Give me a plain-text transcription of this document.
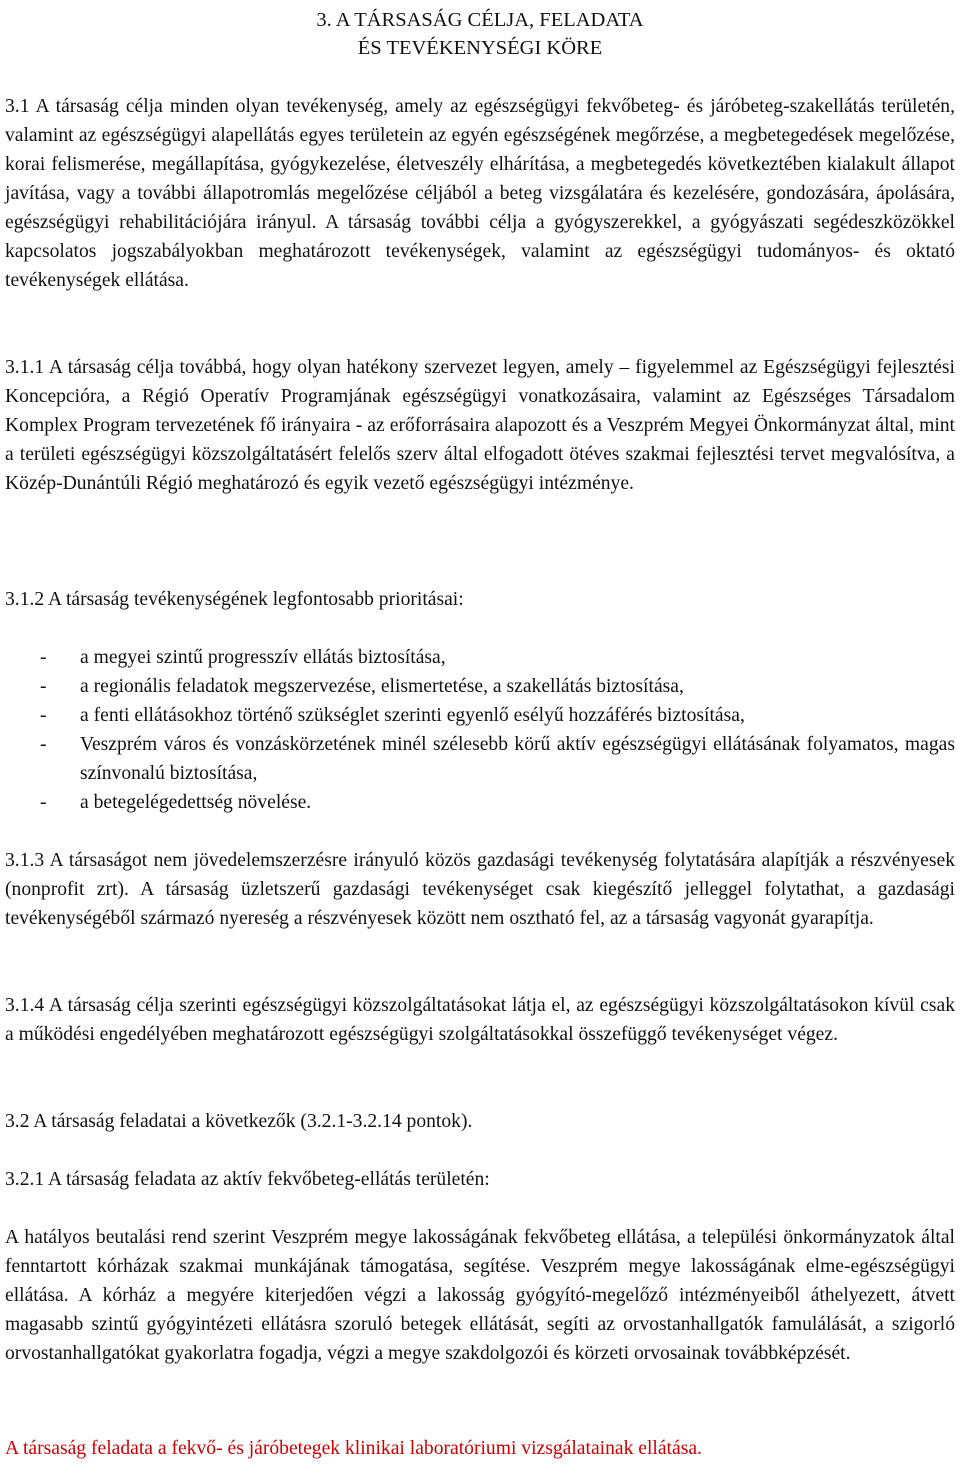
3. A TÁRSASÁG CÉLJA, FELADATA
ÉS TEVÉKENYSÉGI KÖRE
3.1 A társaság célja minden olyan tevékenység, amely az egészségügyi fekvőbeteg- és járóbeteg-szakellátás területén, valamint az egészségügyi alapellátás egyes területein az egyén egészségének megőrzése, a megbetegedések megelőzése, korai felismerése, megállapítása, gyógykezelése, életveszély elhárítása, a megbetegedés következtében kialakult állapot javítása, vagy a további állapotromlás megelőzése céljából a beteg vizsgálatára és kezelésére, gondozására, ápolására, egészségügyi rehabilitációjára irányul. A társaság további célja a gyógyszerekkel, a gyógyászati segédeszközökkel kapcsolatos jogszabályokban meghatározott tevékenységek, valamint az egészségügyi tudományos- és oktató tevékenységek ellátása.
3.1.1 A társaság célja továbbá, hogy olyan hatékony szervezet legyen, amely – figyelemmel az Egészségügyi fejlesztési Koncepcióra, a Régió Operatív Programjának egészségügyi vonatkozásaira, valamint az Egészséges Társadalom Komplex Program tervezetének fő irányaira - az erőforrásaira alapozott és a Veszprém Megyei Önkormányzat által, mint a területi egészségügyi közszolgáltatásért felelős szerv által elfogadott ötéves szakmai fejlesztési tervet megvalósítva, a Közép-Dunántúli Régió meghatározó és egyik vezető egészségügyi intézménye.
3.1.2 A társaság tevékenységének legfontosabb prioritásai:
- a megyei szintű progresszív ellátás biztosítása,
- a regionális feladatok megszervezése, elismertetése, a szakellátás biztosítása,
- a fenti ellátásokhoz történő szükséglet szerinti egyenlő esélyű hozzáférés biztosítása,
- Veszprém város és vonzáskörzetének minél szélesebb körű aktív egészségügyi ellátásának folyamatos, magas színvonalú biztosítása,
- a betegelégedettség növelése.
3.1.3 A társaságot nem jövedelemszerzésre irányuló közös gazdasági tevékenység folytatására alapítják a részvényesek (nonprofit zrt). A társaság üzletszerű gazdasági tevékenységet csak kiegészítő jelleggel folytathat, a gazdasági tevékenységéből származó nyereség a részvényesek között nem osztható fel, az a társaság vagyonát gyarapítja.
3.1.4 A társaság célja szerinti egészségügyi közszolgáltatásokat látja el, az egészségügyi közszolgáltatásokon kívül csak a működési engedélyében meghatározott egészségügyi szolgáltatásokkal összefüggő tevékenységet végez.
3.2 A társaság feladatai a következők (3.2.1-3.2.14 pontok).
3.2.1 A társaság feladata az aktív fekvőbeteg-ellátás területén:
A hatályos beutalási rend szerint Veszprém megye lakosságának fekvőbeteg ellátása, a települési önkormányzatok által fenntartott kórházak szakmai munkájának támogatása, segítése. Veszprém megye lakosságának elme-egészségügyi ellátása. A kórház a megyére kiterjedően végzi a lakosság gyógyító-megelőző intézményeiből áthelyezett, átvett magasabb szintű gyógyintézeti ellátásra szoruló betegek ellátását, segíti az orvostanhallgatók famulálását, a szigorló orvostanhallgatókat gyakorlatra fogadja, végzi a megye szakdolgozói és körzeti orvosainak továbbképzését.
A társaság feladata a fekvő- és járóbetegek klinikai laboratóriumi vizsgálatainak ellátása.
